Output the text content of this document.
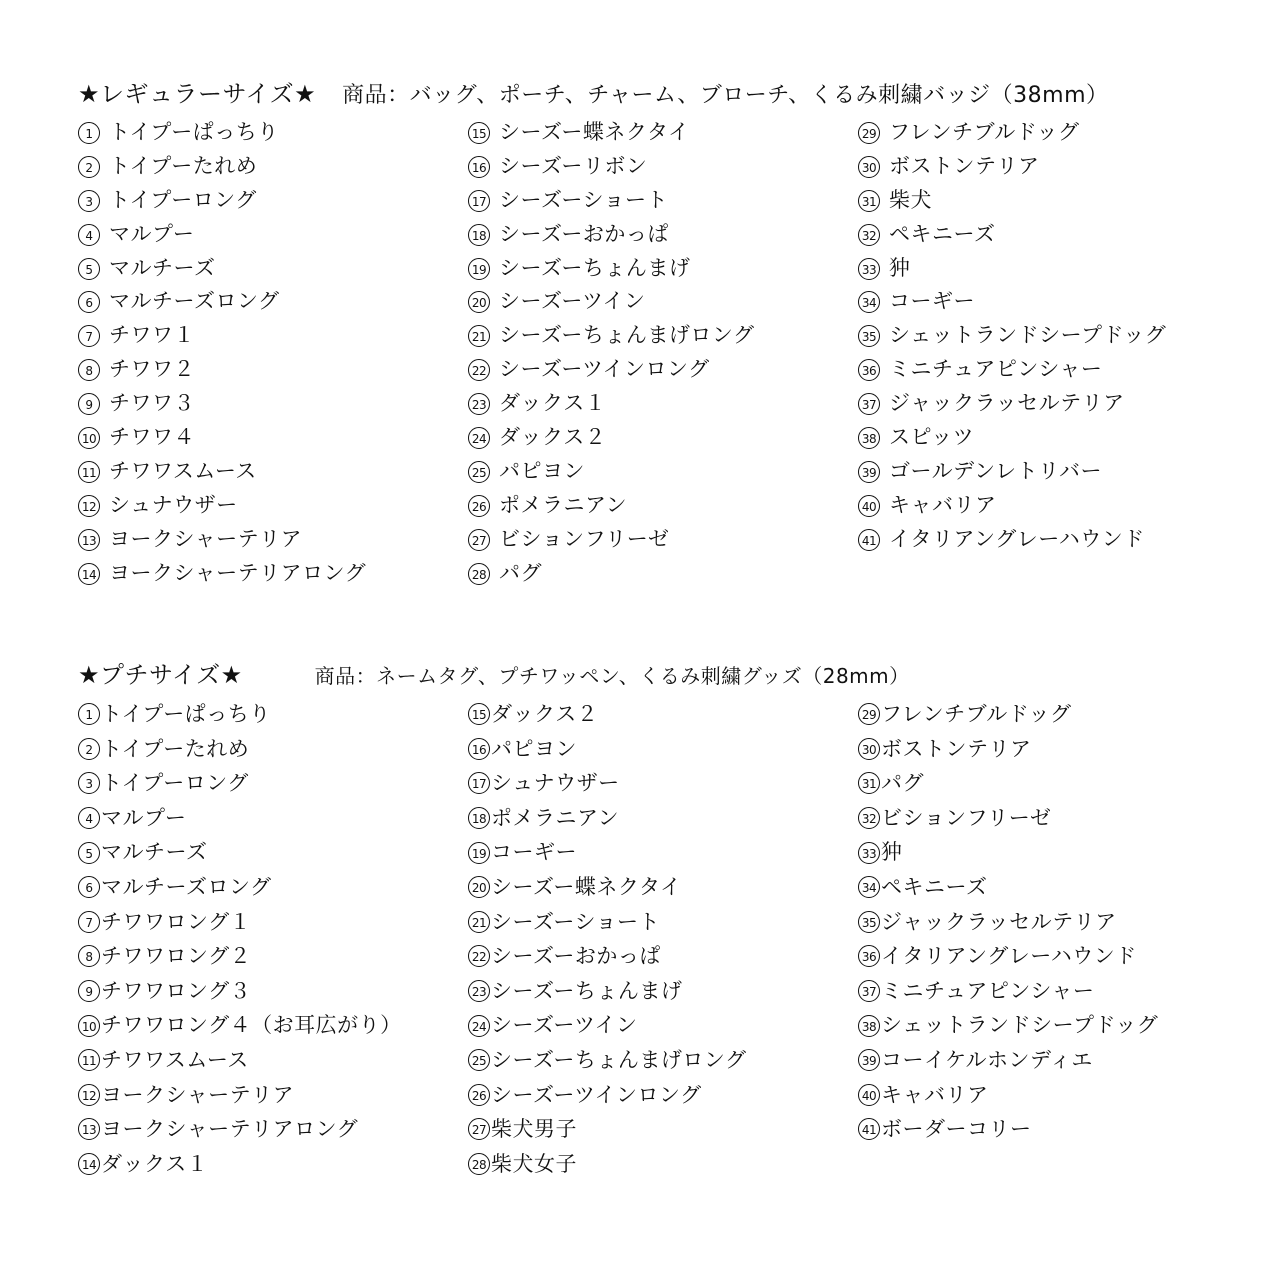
★レギュラーサイズ★ 商品：バッグ、ポーチ、チャーム、ブローチ、くるみ刺繍バッジ（38mm）
1 トイプーぱっちり
2 トイプーたれめ
3 トイプーロング
4 マルプー
5 マルチーズ
6 マルチーズロング
7 チワワ１
8 チワワ２
9 チワワ３
10 チワワ４
11 チワワスムース
12 シュナウザー
13 ヨークシャーテリア
14 ヨークシャーテリアロング
15 シーズー蝶ネクタイ
16 シーズーリボン
17 シーズーショート
18 シーズーおかっぱ
19 シーズーちょんまげ
20 シーズーツイン
21 シーズーちょんまげロング
22 シーズーツインロング
23 ダックス１
24 ダックス２
25 パピヨン
26 ポメラニアン
27 ビションフリーゼ
28 パグ
29 フレンチブルドッグ
30 ボストンテリア
31 柴犬
32 ペキニーズ
33 狆
34 コーギー
35 シェットランドシープドッグ
36 ミニチュアピンシャー
37 ジャックラッセルテリア
38 スピッツ
39 ゴールデンレトリバー
40 キャバリア
41 イタリアングレーハウンド
★プチサイズ★	商品：ネームタグ、プチワッペン、くるみ刺繍グッズ（28mm）
1 トイプーぱっちり
2 トイプーたれめ
3 トイプーロング
4 マルプー
5 マルチーズ
6 マルチーズロング
7 チワワロング１
8 チワワロング２
9 チワワロング３
10 チワワロング４（お耳広がり）
11 チワワスムース
12 ヨークシャーテリア
13 ヨークシャーテリアロング
14 ダックス１
15 ダックス２
16 パピヨン
17 シュナウザー
18 ポメラニアン
19 コーギー
20 シーズー蝶ネクタイ
21 シーズーショート
22 シーズーおかっぱ
23 シーズーちょんまげ
24 シーズーツイン
25 シーズーちょんまげロング
26 シーズーツインロング
27 柴犬男子
28 柴犬女子
29 フレンチブルドッグ
30 ボストンテリア
31 パグ
32 ビションフリーゼ
33 狆
34 ペキニーズ
35 ジャックラッセルテリア
36 イタリアングレーハウンド
37 ミニチュアピンシャー
38 シェットランドシープドッグ
39 コーイケルホンディエ
40 キャバリア
41 ボーダーコリー
